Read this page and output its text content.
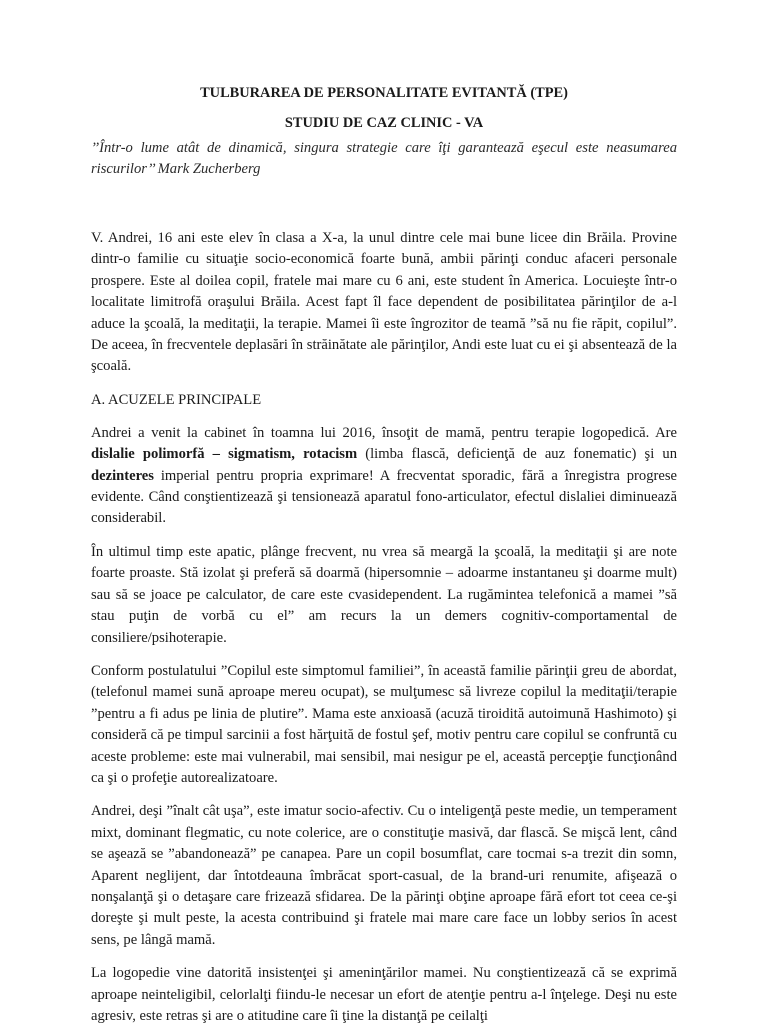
TULBURAREA DE PERSONALITATE EVITANTĂ (TPE)
STUDIU DE CAZ CLINIC - VA
’’Într-o lume atât de dinamică, singura strategie care îţi garantează eşecul este neasumarea riscurilor’’ Mark Zucherberg

V. Andrei, 16 ani este elev în clasa a X-a, la unul dintre cele mai bune licee din Brăila. Provine dintr-o familie cu situaţie socio-economică foarte bună, ambii părinţi conduc afaceri personale prospere. Este al doilea copil, fratele mai mare cu 6 ani, este student în America. Locuieşte într-o localitate limitrofă oraşului Brăila. Acest fapt îl face dependent de posibilitatea părinţilor de a-l aduce la şcoală, la meditaţii, la terapie. Mamei îi este îngrozitor de teamă ”să nu fie răpit, copilul”. De aceea, în frecventele deplasări în străinătate ale părinţilor, Andi este luat cu ei şi absentează de la şcoală.

A. ACUZELE PRINCIPALE

Andrei a venit la cabinet în toamna lui 2016, însoţit de mamă, pentru terapie logopedică. Are dislalie polimorfă – sigmatism, rotacism (limba flască, deficienţă de auz fonematic) şi un dezinteres imperial pentru propria exprimare! A frecventat sporadic, fără a înregistra progrese evidente. Când conştientizează şi tensionează aparatul fono-articulator, efectul dislaliei diminuează considerabil.

În ultimul timp este apatic, plânge frecvent, nu vrea să meargă la şcoală, la meditaţii şi are note foarte proaste. Stă izolat şi preferă să doarmă (hipersomnie – adoarme instantaneu şi doarme mult) sau să se joace pe calculator, de care este cvasidependent. La rugămintea telefonică a mamei ”să stau puţin de vorbă cu el” am recurs la un demers cognitiv-comportamental de consiliere/psihoterapie.

Conform postulatului ”Copilul este simptomul familiei”, în această familie părinţii greu de abordat, (telefonul mamei sună aproape mereu ocupat), se mulţumesc să livreze copilul la meditaţii/terapie ”pentru a fi adus pe linia de plutire”. Mama este anxioasă (acuză tiroidită autoimună Hashimoto) şi consideră că pe timpul sarcinii a fost hărţuită de fostul şef, motiv pentru care copilul se confruntă cu aceste probleme: este mai vulnerabil, mai sensibil, mai nesigur pe el, această percepţie funcţionând ca şi o profeţie autorealizatoare.

Andrei, deşi ”înalt cât uşa”, este imatur socio-afectiv. Cu o inteligenţă peste medie, un temperament mixt, dominant flegmatic, cu note colerice, are o constituţie masivă, dar flască. Se mişcă lent, când se aşează se ”abandonează” pe canapea. Pare un copil bosumflat, care tocmai s-a trezit din somn, Aparent neglijent, dar întotdeauna îmbrăcat sport-casual, de la brand-uri renumite, afişează o nonşalanţă şi o detaşare care frizează sfidarea. De la părinţi obţine aproape fără efort tot ceea ce-şi doreşte şi mult peste, la acesta contribuind şi fratele mai mare care face un lobby serios în acest sens, pe lângă mamă.

La logopedie vine datorită insistenţei şi ameninţărilor mamei. Nu conştientizează că se exprimă aproape neinteligibil, celorlalţi fiindu-le necesar un efort de atenţie pentru a-l înţelege. Deşi nu este agresiv, este retras şi are o atitudine care îi ţine la distanţă pe ceilalţi
